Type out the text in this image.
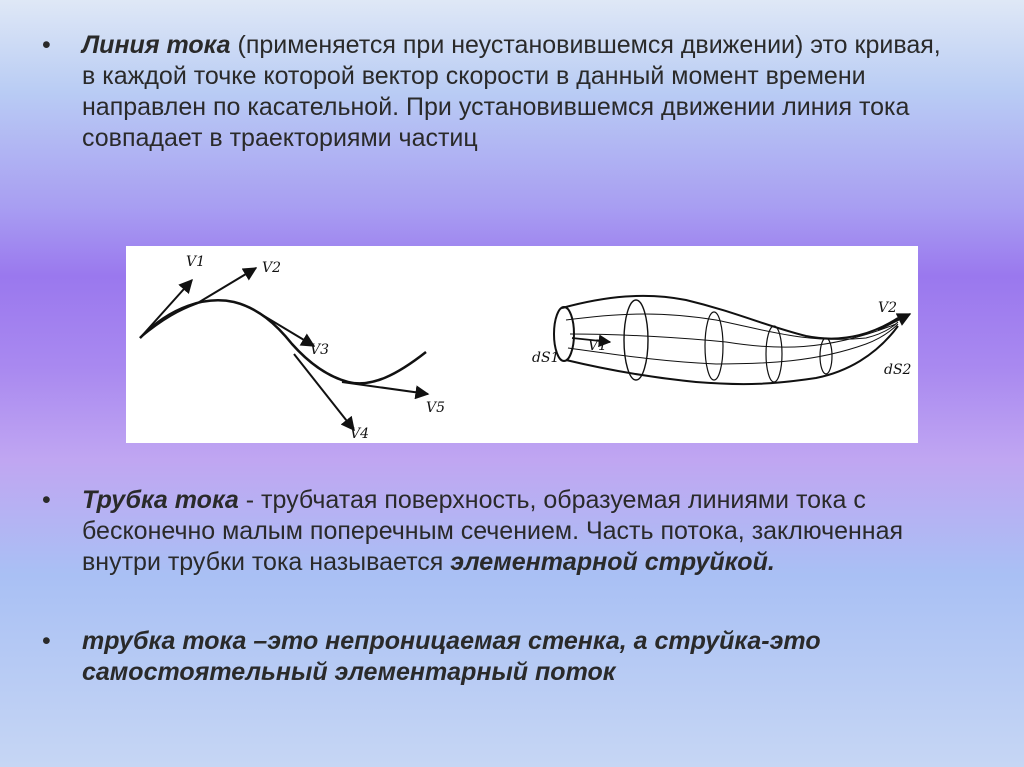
•	Линия тока (применяется при неустановившемся движении) это кривая, в каждой точке которой вектор скорости в данный момент времени направлен по касательной. При установившемся движении линия тока совпадает в траекториями частиц
V1	V2
V3
V4
V5
dS1
V1
V2
dS2
•	Трубка тока - трубчатая поверхность, образуемая линиями тока с бесконечно малым поперечным сечением. Часть потока, заключенная внутри трубки тока называется элементарной струйкой.
•	трубка тока –это непроницаемая стенка, а струйка-это самостоятельный элементарный поток
